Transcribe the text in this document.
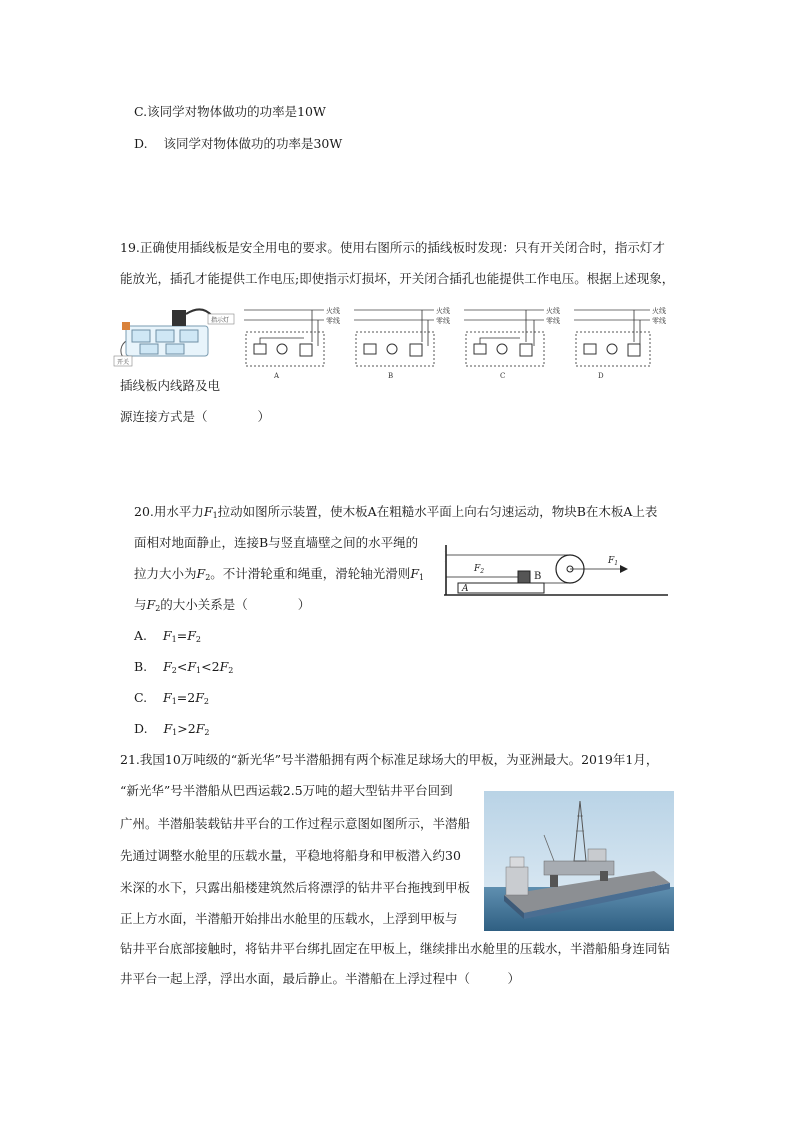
C.该同学对物体做功的功率是10W
D. 该同学对物体做功的功率是30W
19.正确使用插线板是安全用电的要求。使用右图所示的插线板时发现：只有开关闭合时，指示灯才
能放光，插孔才能提供工作电压;即使指示灯损坏，开关闭合插孔也能提供工作电压。根据上述现象，
指示灯
开关
火线
零线
A
火线
零线
B
火线
零线
C
火线
零线
D
插线板内线路及电
源连接方式是（　　　　）
20.用水平力$F_1$拉动如图所示装置，使木板A在粗糙水平面上向右匀速运动，物块B在木板A上表
面相对地面静止，连接B与竖直墙壁之间的水平绳的
拉力大小为$F_2$。不计滑轮重和绳重，滑轮轴光滑则$F_1$
与$F_2$的大小关系是（　　　　）
A
B
$F_2$
$F_1$
A. $F_1=F_2$
B. $F_2<F_1<2F_2$
C. $F_1=2F_2$
D. $F_1>2F_2$
21.我国10万吨级的“新光华”号半潜船拥有两个标准足球场大的甲板，为亚洲最大。2019年1月，
“新光华”号半潜船从巴西运载2.5万吨的超大型钻井平台回到
广州。半潜船装载钻井平台的工作过程示意图如图所示，半潜船
先通过调整水舱里的压载水量，平稳地将船身和甲板潜入约30
米深的水下，只露出船楼建筑然后将漂浮的钻井平台拖拽到甲板
正上方水面，半潜船开始排出水舱里的压载水，上浮到甲板与
钻井平台底部接触时，将钻井平台绑扎固定在甲板上，继续排出水舱里的压载水，半潜船船身连同钻
井平台一起上浮，浮出水面，最后静止。半潜船在上浮过程中（　　　）
